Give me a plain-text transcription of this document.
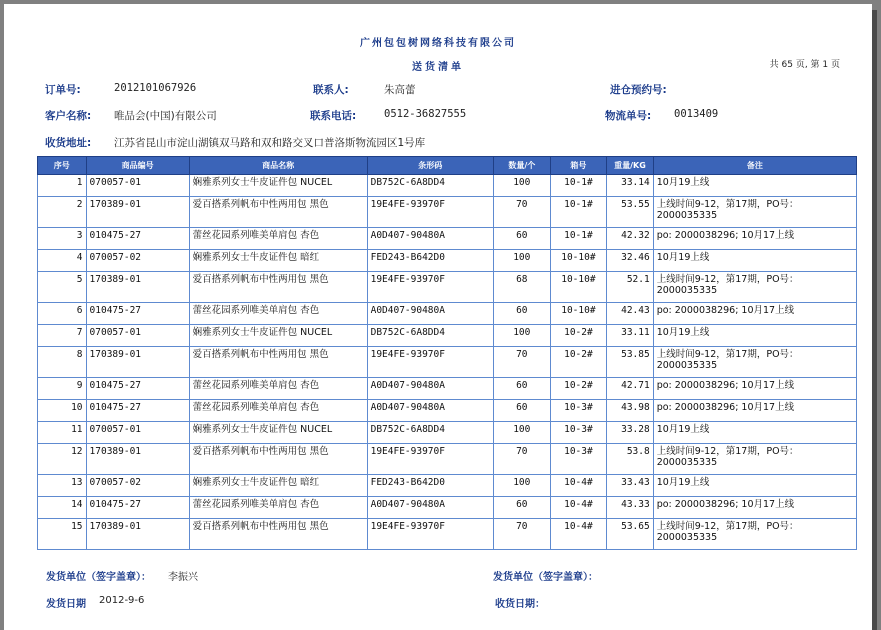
广州包包树网络科技有限公司
送货清单	共 65 页, 第 1 页
订单号:	2012101067926	联系人:	朱高蕾	进仓预约号:
客户名称: 唯品会(中国)有限公司	联系电话:	0512-36827555	物流单号: 0013409
收货地址: 江苏省昆山市淀山湖镇双马路和双和路交叉口普洛斯物流园区1号库
发货单位（签字盖章）： 李振兴	发货单位（签字盖章）：
发货日期 2012-9-6	收货日期：
序号	商品编号	商品名称	条形码	数量/个	箱号	重量/KG	备注
1	070057-01	娴雅系列女士牛皮证件包 NUCEL	DB752C-6A8DD4	100	10-1#	33.14	10月19上线
2	170389-01	爱百搭系列帆布中性两用包 黑色	19E4FE-93970F	70	10-1#	53.55	上线时间9-12，第17期，PO号：2000035335
3	010475-27	蕾丝花园系列唯美单肩包 杏色	A0D407-90480A	60	10-1#	42.32	po: 2000038296; 10月17上线
4	070057-02	娴雅系列女士牛皮证件包 暗红	FED243-B642D0	100	10-10#	32.46	10月19上线
5	170389-01	爱百搭系列帆布中性两用包 黑色	19E4FE-93970F	68	10-10#	52.1	上线时间9-12，第17期，PO号：2000035335
6	010475-27	蕾丝花园系列唯美单肩包 杏色	A0D407-90480A	60	10-10#	42.43	po: 2000038296; 10月17上线
7	070057-01	娴雅系列女士牛皮证件包 NUCEL	DB752C-6A8DD4	100	10-2#	33.11	10月19上线
8	170389-01	爱百搭系列帆布中性两用包 黑色	19E4FE-93970F	70	10-2#	53.85	上线时间9-12，第17期，PO号：2000035335
9	010475-27	蕾丝花园系列唯美单肩包 杏色	A0D407-90480A	60	10-2#	42.71	po: 2000038296; 10月17上线
10	010475-27	蕾丝花园系列唯美单肩包 杏色	A0D407-90480A	60	10-3#	43.98	po: 2000038296; 10月17上线
11	070057-01	娴雅系列女士牛皮证件包 NUCEL	DB752C-6A8DD4	100	10-3#	33.28	10月19上线
12	170389-01	爱百搭系列帆布中性两用包 黑色	19E4FE-93970F	70	10-3#	53.8	上线时间9-12，第17期，PO号：2000035335
13	070057-02	娴雅系列女士牛皮证件包 暗红	FED243-B642D0	100	10-4#	33.43	10月19上线
14	010475-27	蕾丝花园系列唯美单肩包 杏色	A0D407-90480A	60	10-4#	43.33	po: 2000038296; 10月17上线
15	170389-01	爱百搭系列帆布中性两用包 黑色	19E4FE-93970F	70	10-4#	53.65	上线时间9-12，第17期，PO号：2000035335
